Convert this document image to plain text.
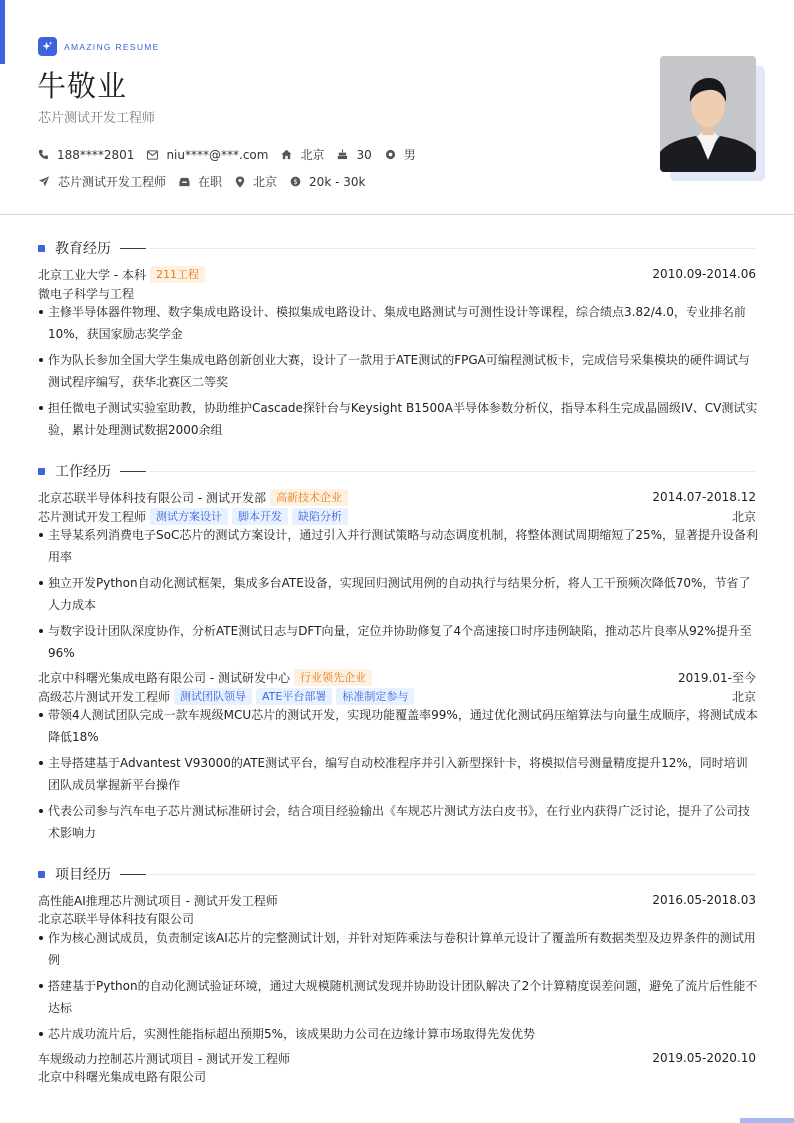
AMAZING RESUME
牛敬业
芯片测试开发工程师
188****2801	niu****@***.com	北京	30	男
芯片测试开发工程师	在职	北京 $ 20k - 30k
教育经历
北京工业大学 - 本科 211工程	2010.09-2014.06
微电子科学与工程
主修半导体器件物理、数字集成电路设计、模拟集成电路设计、集成电路测试与可测性设计等课程，综合绩点3.82/4.0，专业排名前10%，获国家励志奖学金
作为队长参加全国大学生集成电路创新创业大赛，设计了一款用于ATE测试的FPGA可编程测试板卡，完成信号采集模块的硬件调试与测试程序编写，获华北赛区二等奖
担任微电子测试实验室助教，协助维护Cascade探针台与Keysight B1500A半导体参数分析仪，指导本科生完成晶圆级IV、CV测试实验，累计处理测试数据2000余组
工作经历
北京芯联半导体科技有限公司 - 测试开发部 高新技术企业	2014.07-2018.12
芯片测试开发工程师 测试方案设计	脚本开发	缺陷分析	北京
主导某系列消费电子SoC芯片的测试方案设计，通过引入并行测试策略与动态调度机制，将整体测试周期缩短了25%，显著提升设备利用率
独立开发Python自动化测试框架，集成多台ATE设备，实现回归测试用例的自动执行与结果分析，将人工干预频次降低70%，节省了人力成本
与数字设计团队深度协作，分析ATE测试日志与DFT向量，定位并协助修复了4个高速接口时序违例缺陷，推动芯片良率从92%提升至96%
北京中科曙光集成电路有限公司 - 测试研发中心 行业领先企业	2019.01-至今
高级芯片测试开发工程师 测试团队领导	ATE平台部署	标准制定参与	北京
带领4人测试团队完成一款车规级MCU芯片的测试开发，实现功能覆盖率99%，通过优化测试码压缩算法与向量生成顺序，将测试成本降低18%
主导搭建基于Advantest V93000的ATE测试平台，编写自动校准程序并引入新型探针卡，将模拟信号测量精度提升12%，同时培训团队成员掌握新平台操作
代表公司参与汽车电子芯片测试标准研讨会，结合项目经验输出《车规芯片测试方法白皮书》，在行业内获得广泛讨论，提升了公司技术影响力
项目经历
高性能AI推理芯片测试项目 - 测试开发工程师	2016.05-2018.03
北京芯联半导体科技有限公司
作为核心测试成员，负责制定该AI芯片的完整测试计划，并针对矩阵乘法与卷积计算单元设计了覆盖所有数据类型及边界条件的测试用例
搭建基于Python的自动化测试验证环境，通过大规模随机测试发现并协助设计团队解决了2个计算精度误差问题，避免了流片后性能不达标
芯片成功流片后，实测性能指标超出预期5%，该成果助力公司在边缘计算市场取得先发优势
车规级动力控制芯片测试项目 - 测试开发工程师	2019.05-2020.10
北京中科曙光集成电路有限公司
